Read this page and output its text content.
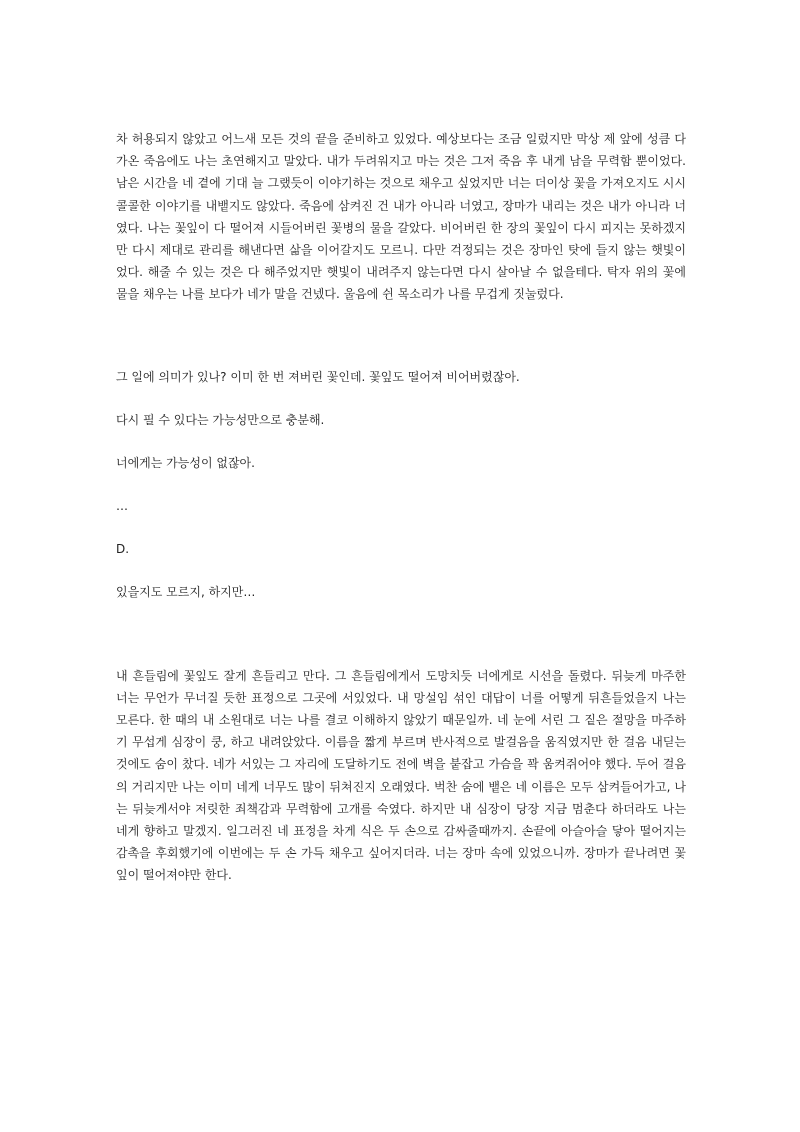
차 허용되지 않았고 어느새 모든 것의 끝을 준비하고 있었다. 예상보다는 조금 일렀지만 막상 제 앞에 성큼 다가온 죽음에도 나는 초연해지고 말았다. 내가 두려워지고 마는 것은 그저 죽음 후 내게 남을 무력함 뿐이었다. 남은 시간을 네 곁에 기대 늘 그랬듯이 이야기하는 것으로 채우고 싶었지만 너는 더이상 꽃을 가져오지도 시시콜콜한 이야기를 내뱉지도 않았다. 죽음에 삼켜진 건 내가 아니라 너였고, 장마가 내리는 것은 내가 아니라 너였다. 나는 꽃잎이 다 떨어져 시들어버린 꽃병의 물을 갈았다. 비어버린 한 장의 꽃잎이 다시 피지는 못하겠지만 다시 제대로 관리를 해낸다면 삶을 이어갈지도 모르니. 다만 걱정되는 것은 장마인 탓에 들지 않는 햇빛이었다. 해줄 수 있는 것은 다 해주었지만 햇빛이 내려주지 않는다면 다시 살아날 수 없을테다. 탁자 위의 꽃에 물을 채우는 나를 보다가 네가 말을 건넸다. 울음에 쉰 목소리가 나를 무겁게 짓눌렀다.

그 일에 의미가 있나? 이미 한 번 져버린 꽃인데. 꽃잎도 떨어져 비어버렸잖아.

다시 필 수 있다는 가능성만으로 충분해.

너에게는 가능성이 없잖아.

…

D.

있을지도 모르지, 하지만…

내 흔들림에 꽃잎도 잘게 흔들리고 만다. 그 흔들림에게서 도망치듯 너에게로 시선을 돌렸다. 뒤늦게 마주한 너는 무언가 무너질 듯한 표정으로 그곳에 서있었다. 내 망설임 섞인 대답이 너를 어떻게 뒤흔들었을지 나는 모른다. 한 때의 내 소원대로 너는 나를 결코 이해하지 않았기 때문일까. 네 눈에 서린 그 짙은 절망을 마주하기 무섭게 심장이 쿵, 하고 내려앉았다. 이름을 짧게 부르며 반사적으로 발걸음을 움직였지만 한 걸음 내딛는 것에도 숨이 찼다. 네가 서있는 그 자리에 도달하기도 전에 벽을 붙잡고 가슴을 꽉 움켜쥐어야 했다. 두어 걸음의 거리지만 나는 이미 네게 너무도 많이 뒤쳐진지 오래였다. 벅찬 숨에 뱉은 네 이름은 모두 삼켜들어가고, 나는 뒤늦게서야 저릿한 죄책감과 무력함에 고개를 숙였다. 하지만 내 심장이 당장 지금 멈춘다 하더라도 나는 네게 향하고 말겠지. 일그러진 네 표정을 차게 식은 두 손으로 감싸줄때까지. 손끝에 아슬아슬 닿아 떨어지는 감촉을 후회했기에 이번에는 두 손 가득 채우고 싶어지더라. 너는 장마 속에 있었으니까. 장마가 끝나려면 꽃잎이 떨어져야만 한다.
